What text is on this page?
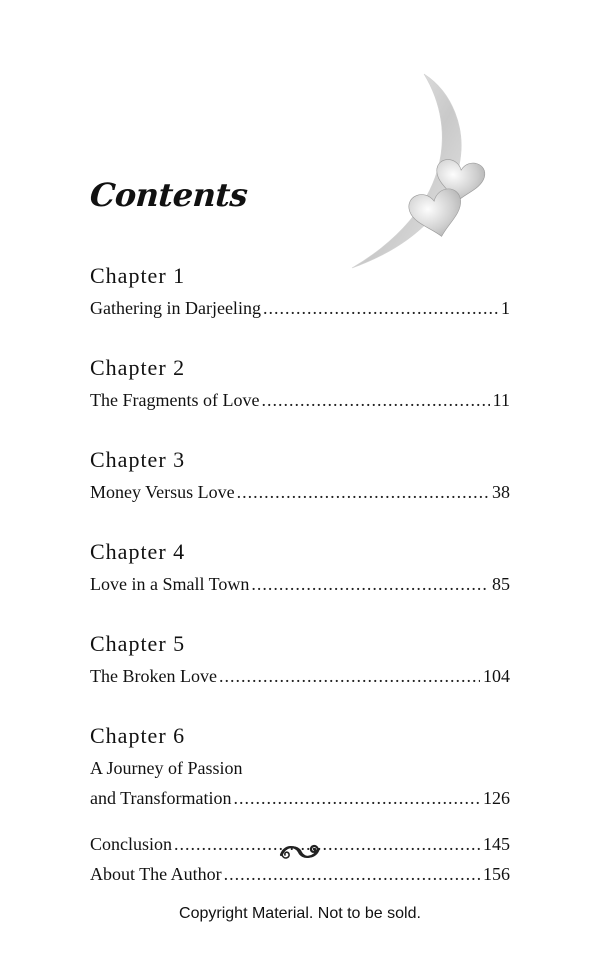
Contents
Chapter 1
Gathering in Darjeeling .....	1
Chapter 2
The Fragments of Love .....	11
Chapter 3
Money Versus Love .....	38
Chapter 4
Love in a Small Town .....	85
Chapter 5
The Broken Love .....	104
Chapter 6
A Journey of Passion
and Transformation .....	126
Conclusion .....	145
About The Author .....	156
Copyright Material. Not to be sold.
